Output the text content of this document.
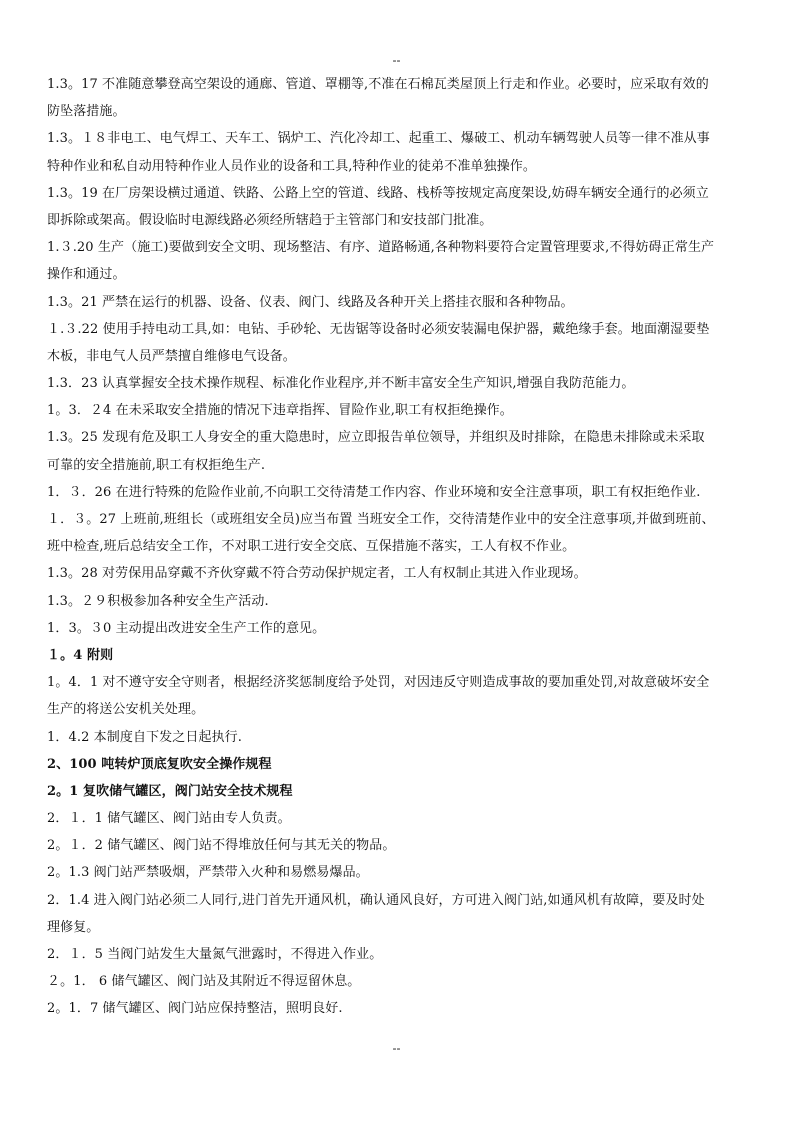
--
1.3。17 不准随意攀登高空架设的通廊、管道、罩棚等,不准在石棉瓦类屋顶上行走和作业。必要时，应采取有效的
防坠落措施。
1.3。１８非电工、电气焊工、天车工、锅炉工、汽化冷却工、起重工、爆破工、机动车辆驾驶人员等一律不准从事
特种作业和私自动用特种作业人员作业的设备和工具,特种作业的徒弟不准单独操作。
1.3。19 在厂房架设横过通道、铁路、公路上空的管道、线路、栈桥等按规定高度架设,妨碍车辆安全通行的必须立
即拆除或架高。假设临时电源线路必须经所辖趋于主管部门和安技部门批准。
1.３.20 生产（施工)要做到安全文明、现场整洁、有序、道路畅通,各种物料要符合定置管理要求,不得妨碍正常生产
操作和通过。
1.3。21 严禁在运行的机器、设备、仪表、阀门、线路及各种开关上搭挂衣服和各种物品。
１.３.22 使用手持电动工具,如：电钻、手砂轮、无齿锯等设备时必须安装漏电保护器，戴绝缘手套。地面潮湿要垫
木板，非电气人员严禁擅自维修电气设备。
1.3．23 认真掌握安全技术操作规程、标准化作业程序,并不断丰富安全生产知识,增强自我防范能力。
1。3．２4 在未采取安全措施的情况下违章指挥、冒险作业,职工有权拒绝操作。
1.3。25 发现有危及职工人身安全的重大隐患时，应立即报告单位领导，并组织及时排除，在隐患未排除或未采取
可靠的安全措施前,职工有权拒绝生产.
1．３．26 在进行特殊的危险作业前,不向职工交待清楚工作内容、作业环境和安全注意事项，职工有权拒绝作业.
１．３。27 上班前,班组长（或班组安全员)应当布置 当班安全工作，交待清楚作业中的安全注意事项,并做到班前、
班中检查,班后总结安全工作，不对职工进行安全交底、互保措施不落实，工人有权不作业。
1.3。28 对劳保用品穿戴不齐伙穿戴不符合劳动保护规定者，工人有权制止其进入作业现场。
1.3。２９积极参加各种安全生产活动.
1．3。３0 主动提出改进安全生产工作的意见。
１。4 附则
1。4．1 对不遵守安全守则者，根据经济奖惩制度给予处罚，对因违反守则造成事故的要加重处罚,对故意破坏安全
生产的将送公安机关处理。
1．4.2 本制度自下发之日起执行.
2、100 吨转炉顶底复吹安全操作规程
2。1 复吹储气罐区，阀门站安全技术规程
2．１．1 储气罐区、阀门站由专人负责。
2。１．2 储气罐区、阀门站不得堆放任何与其无关的物品。
2。1.3 阀门站严禁吸烟，严禁带入火种和易燃易爆品。
2．1.4 进入阀门站必须二人同行,进门首先开通风机，确认通风良好，方可进入阀门站,如通风机有故障，要及时处
理修复。
2．１．5 当阀门站发生大量氮气泄露时，不得进入作业。
２。1． 6 储气罐区、阀门站及其附近不得逗留休息。
2。1．7 储气罐区、阀门站应保持整洁，照明良好.
--
